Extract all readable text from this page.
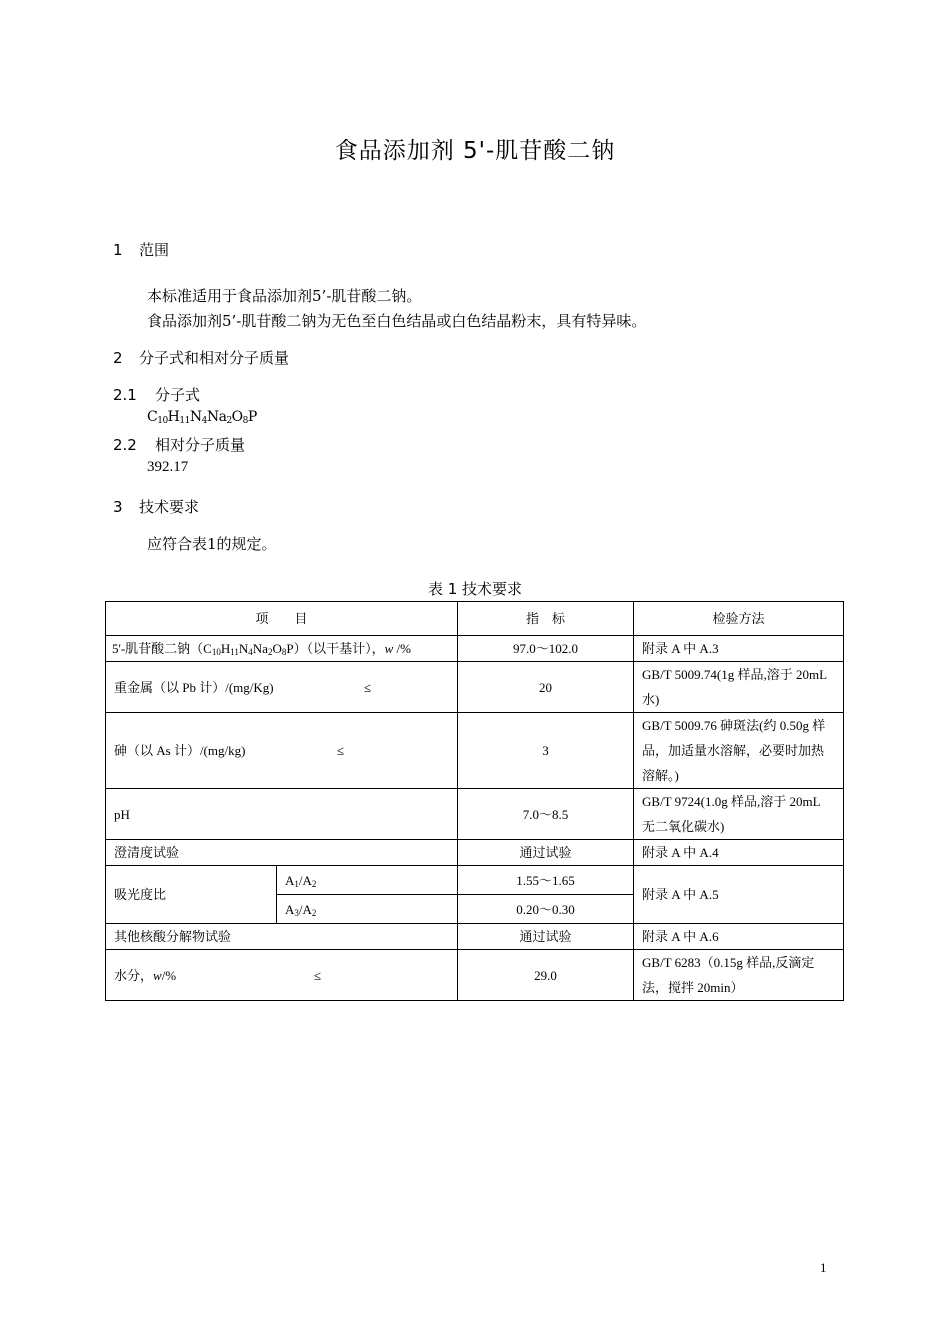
食品添加剂 5'-肌苷酸二钠
1 范围
本标准适用于食品添加剂5’-肌苷酸二钠。
食品添加剂5’-肌苷酸二钠为无色至白色结晶或白色结晶粉末，具有特异味。
2 分子式和相对分子质量
2.1 分子式
$C_{10}H_{11}N_4Na_2O_8P$
2.2 相对分子质量
392.17
3 技术要求
应符合表1的规定。
表 1 技术要求
项　　目		指　标	检验方法
5'-肌苷酸二钠$(C_{10}H_{11}N_4Na_2O_8P)$（以干基计），w /%		97.0～102.0	附录 A 中 A.3
重金属（以 Pb 计）/(mg/Kg) ≤		20	GB/T 5009.74(1g 样品,溶于 20mL 水)
砷（以 As 计）/(mg/kg) ≤		3	GB/T 5009.76 砷斑法(约 0.50g 样品，加适量水溶解，必要时加热溶解。)
pH		7.0～8.5	GB/T 9724(1.0g 样品,溶于 20mL 无二氧化碳水)
澄清度试验		通过试验	附录 A 中 A.4
吸光度比	$A_1/A_2$	1.55～1.65	附录 A 中 A.5
	$A_3/A_2$	0.20～0.30	
其他核酸分解物试验		通过试验	附录 A 中 A.6
水分，w/% ≤		29.0	GB/T 6283（0.15g 样品,反滴定法，搅拌 20min）
1
